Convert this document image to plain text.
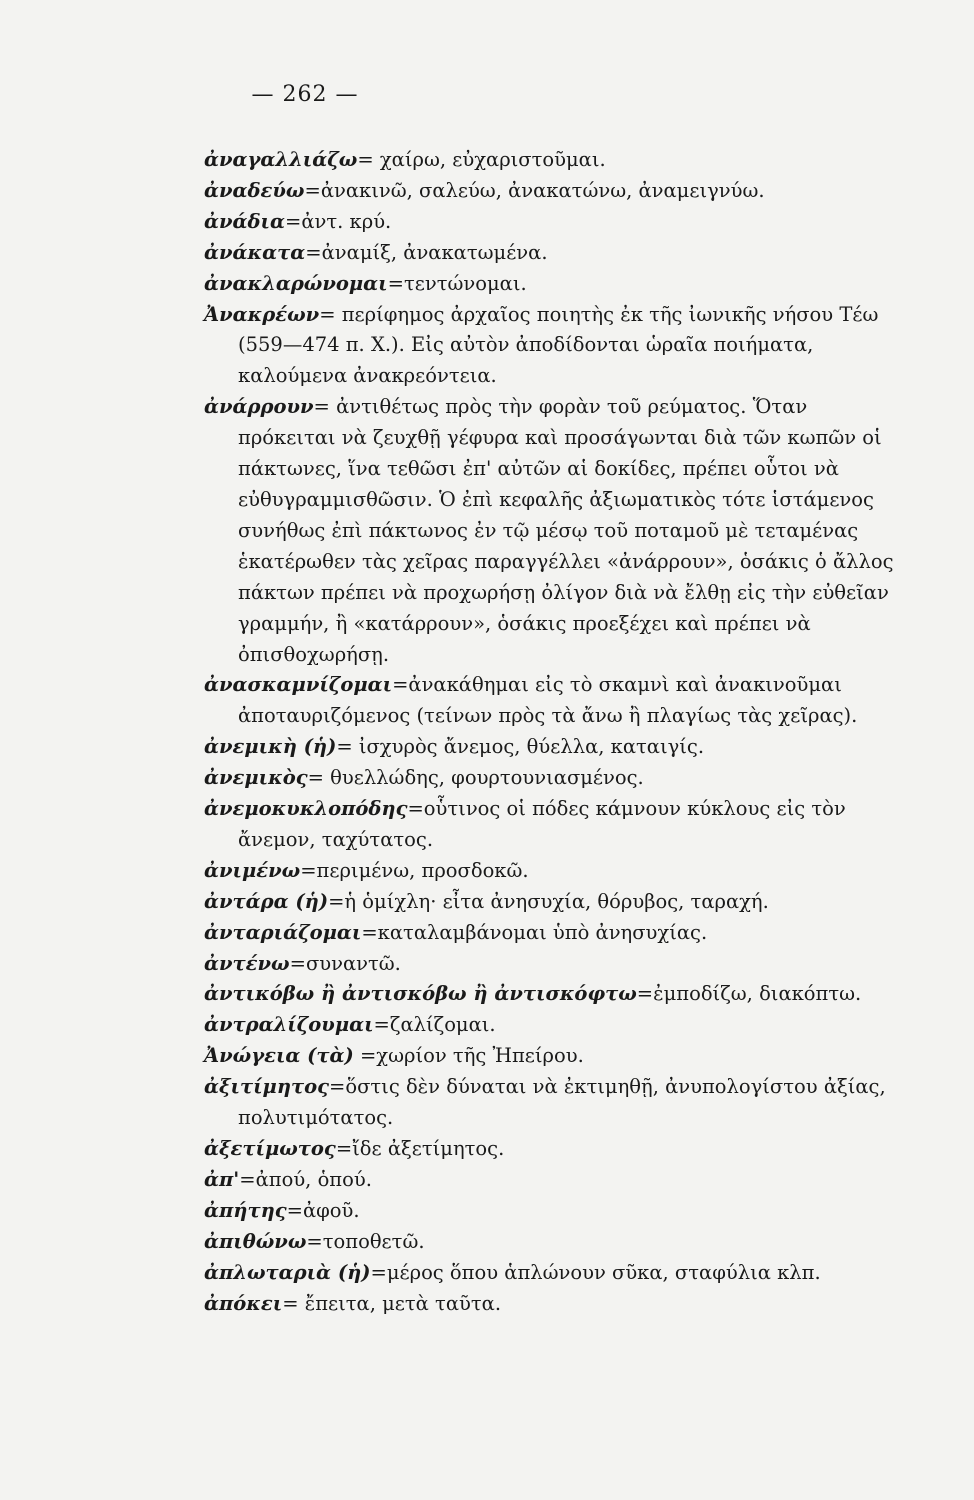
— 262 —

ἀναγαλλιάζω= χαίρω, εὐχαριστοῦμαι.

ἀναδεύω=ἀνακινῶ, σαλεύω, ἀνακατώνω, ἀναμειγνύω.

ἀνάδια=ἀντ. κρύ.

ἀνάκατα=ἀναμίξ, ἀνακατωμένα.

ἀνακλαρώνομαι=τεντώνομαι.

Ἀνακρέων= περίφημος ἀρχαῖος ποιητὴς ἐκ τῆς ἰωνικῆς νήσου Τέω (559—474 π. Χ.). Εἰς αὐτὸν ἀποδίδονται ὡραῖα ποιήματα, καλούμενα ἀνακρεόντεια.

ἀνάρρουν= ἀντιθέτως πρὸς τὴν φορὰν τοῦ ρεύματος. Ὅταν πρόκειται νὰ ζευχθῇ γέφυρα καὶ προσάγωνται διὰ τῶν κωπῶν οἱ πάκτωνες, ἵνα τεθῶσι ἐπ' αὐτῶν αἱ δοκίδες, πρέπει οὗτοι νὰ εὐθυγραμμισθῶσιν. Ὁ ἐπὶ κεφαλῆς ἀξιωματικὸς τότε ἱστάμενος συνήθως ἐπὶ πάκτωνος ἐν τῷ μέσῳ τοῦ ποταμοῦ μὲ τεταμένας ἑκατέρωθεν τὰς χεῖρας παραγγέλλει «ἀνάρρουν», ὁσάκις ὁ ἄλλος πάκτων πρέπει νὰ προχωρήσῃ ὀλίγον διὰ νὰ ἔλθῃ εἰς τὴν εὐθεῖαν γραμμήν, ἢ «κατάρρουν», ὁσάκις προεξέχει καὶ πρέπει νὰ ὀπισθοχωρήσῃ.

ἀνασκαμνίζομαι=ἀνακάθημαι εἰς τὸ σκαμνὶ καὶ ἀνακινοῦμαι ἀποταυριζόμενος (τείνων πρὸς τὰ ἄνω ἢ πλαγίως τὰς χεῖρας).

ἀνεμικὴ (ἡ)= ἰσχυρὸς ἄνεμος, θύελλα, καταιγίς.

ἀνεμικὸς= θυελλώδης, φουρτουνιασμένος.

ἀνεμοκυκλοπόδης=οὗτινος οἱ πόδες κάμνουν κύκλους εἰς τὸν ἄνεμον, ταχύτατος.

ἀνιμένω=περιμένω, προσδοκῶ.

ἀντάρα (ἡ)=ἡ ὁμίχλη· εἶτα ἀνησυχία, θόρυβος, ταραχή.

ἀνταριάζομαι=καταλαμβάνομαι ὑπὸ ἀνησυχίας.

ἀντένω=συναντῶ.

ἀντικόβω ἢ ἀντισκόβω ἢ ἀντισκόφτω=ἐμποδίζω, διακόπτω.

ἀντραλίζουμαι=ζαλίζομαι.

Ἀνώγεια (τὰ) =χωρίον τῆς Ἠπείρου.

ἀξιτίμητος=ὅστις δὲν δύναται νὰ ἐκτιμηθῇ, ἀνυπολογίστου ἀξίας, πολυτιμότατος.

ἀξετίμωτος=ἴδε ἀξετίμητος.

ἀπ'=ἀπού, ὁπού.

ἀπήτης=ἀφοῦ.

ἀπιθώνω=τοποθετῶ.

ἀπλωταριὰ (ἡ)=μέρος ὅπου ἁπλώνουν σῦκα, σταφύλια κλπ.

ἀπόκει= ἔπειτα, μετὰ ταῦτα.
